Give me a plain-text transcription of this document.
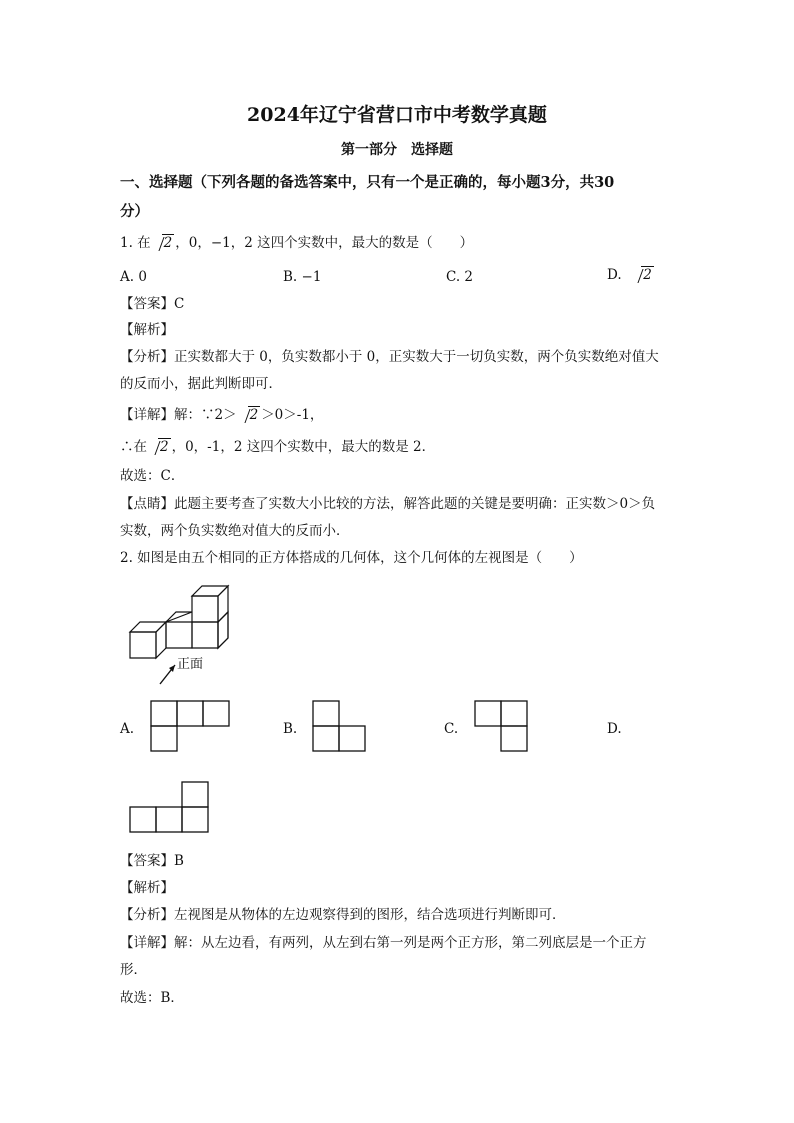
2024年辽宁省营口市中考数学真题
第一部分　选择题
一、选择题（下列各题的备选答案中，只有一个是正确的，每小题3分，共30
分）
1. 在 2 ，0，−1，2 这四个实数中，最大的数是（　　）
A. 0	B. −1	C. 2	D. 2
【答案】C
【解析】
【分析】正实数都大于 0，负实数都小于 0，正实数大于一切负实数，两个负实数绝对值大
的反而小，据此判断即可．
【详解】解：∵2＞ 2 ＞0＞-1，
∴在 2 ，0，-1，2 这四个实数中，最大的数是 2．
故选：C．
【点睛】此题主要考查了实数大小比较的方法，解答此题的关键是要明确：正实数＞0＞负
实数，两个负实数绝对值大的反而小．
2. 如图是由五个相同的正方体搭成的几何体，这个几何体的左视图是（　　）
正面
A.	B.	C.	D.
【答案】B
【解析】
【分析】左视图是从物体的左边观察得到的图形，结合选项进行判断即可．
【详解】解：从左边看，有两列，从左到右第一列是两个正方形，第二列底层是一个正方
形．
故选：B．
